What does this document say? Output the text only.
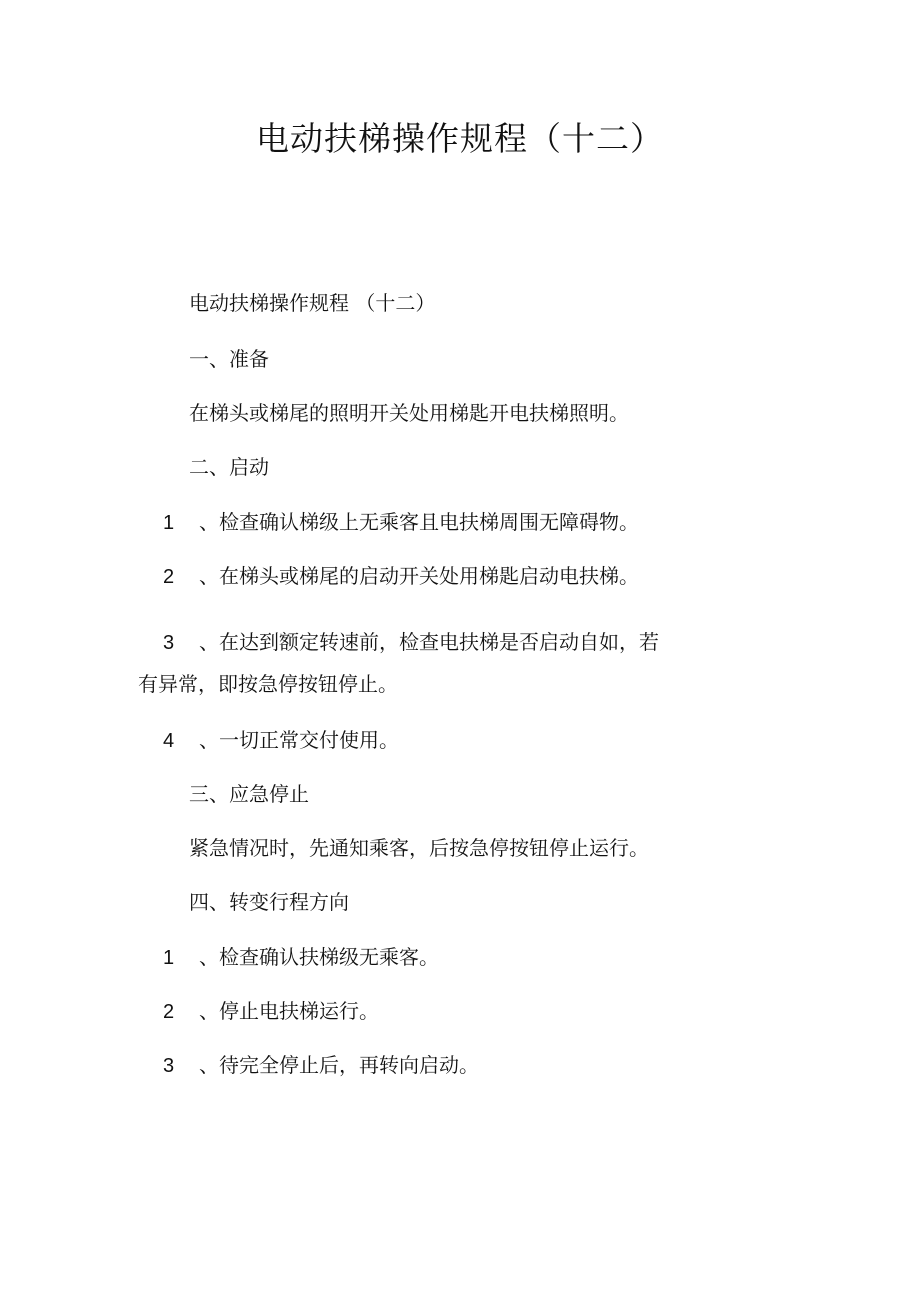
电动扶梯操作规程（十二）

电动扶梯操作规程 （十二）

一、准备

在梯头或梯尾的照明开关处用梯匙开电扶梯照明。

二、启动

1 、检查确认梯级上无乘客且电扶梯周围无障碍物。

2 、在梯头或梯尾的启动开关处用梯匙启动电扶梯。

3 、在达到额定转速前，检查电扶梯是否启动自如，若

有异常，即按急停按钮停止。

4 、一切正常交付使用。

三、应急停止

紧急情况时，先通知乘客，后按急停按钮停止运行。

四、转变行程方向

1 、检查确认扶梯级无乘客。

2 、停止电扶梯运行。

3 、待完全停止后，再转向启动。
